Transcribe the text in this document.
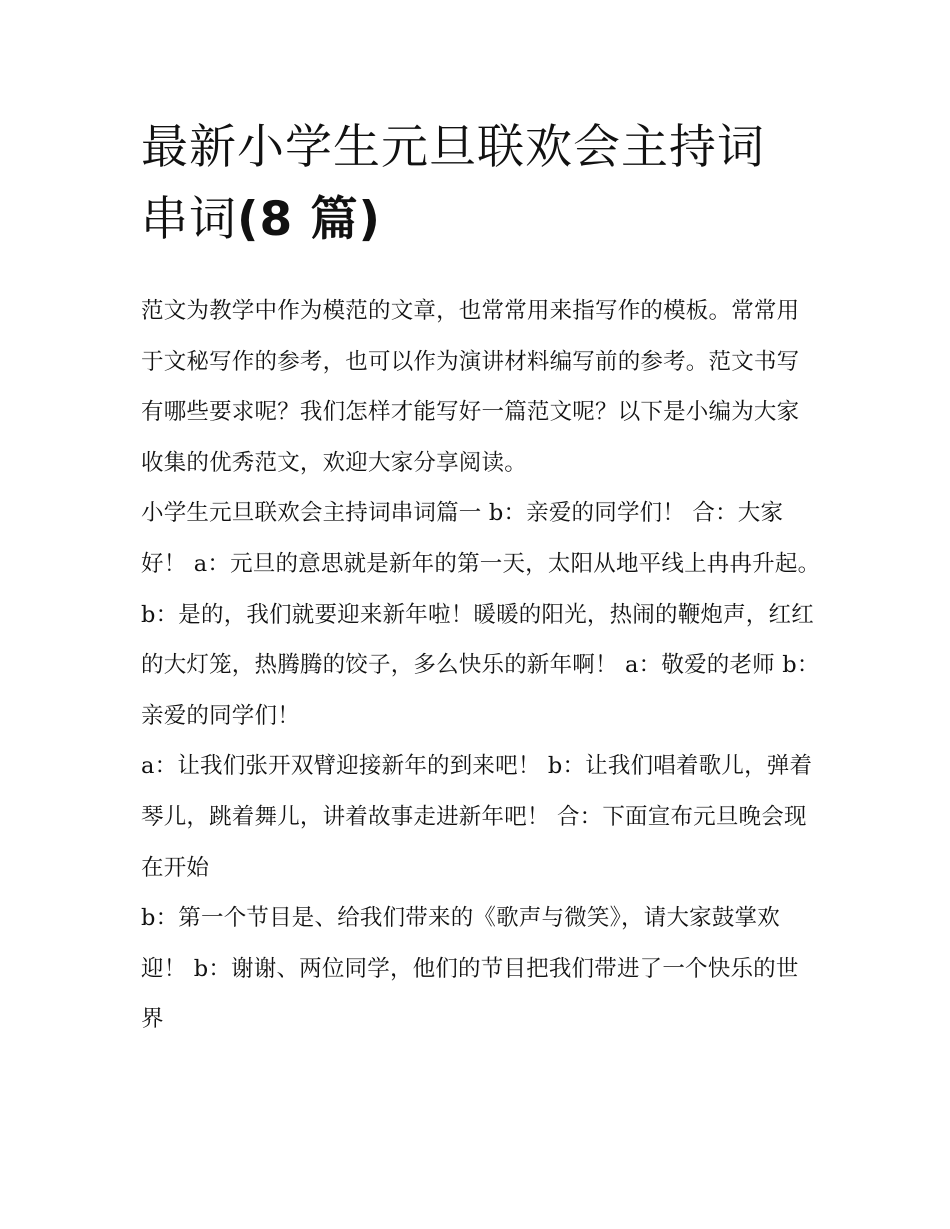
最新小学生元旦联欢会主持词
串词(8 篇)

范文为教学中作为模范的文章，也常常用来指写作的模板。常常用于文秘写作的参考，也可以作为演讲材料编写前的参考。范文书写有哪些要求呢？我们怎样才能写好一篇范文呢？以下是小编为大家收集的优秀范文，欢迎大家分享阅读。

小学生元旦联欢会主持词串词篇一 b：亲爱的同学们！ 合：大家好！ a：元旦的意思就是新年的第一天，太阳从地平线上冉冉升起。

b：是的，我们就要迎来新年啦！暖暖的阳光，热闹的鞭炮声，红红的大灯笼，热腾腾的饺子，多么快乐的新年啊！ a：敬爱的老师 b：亲爱的同学们！

a：让我们张开双臂迎接新年的到来吧！ b：让我们唱着歌儿，弹着琴儿，跳着舞儿，讲着故事走进新年吧！ 合：下面宣布元旦晚会现在开始

b：第一个节目是、给我们带来的《歌声与微笑》，请大家鼓掌欢迎！ b：谢谢、两位同学，他们的节目把我们带进了一个快乐的世界
